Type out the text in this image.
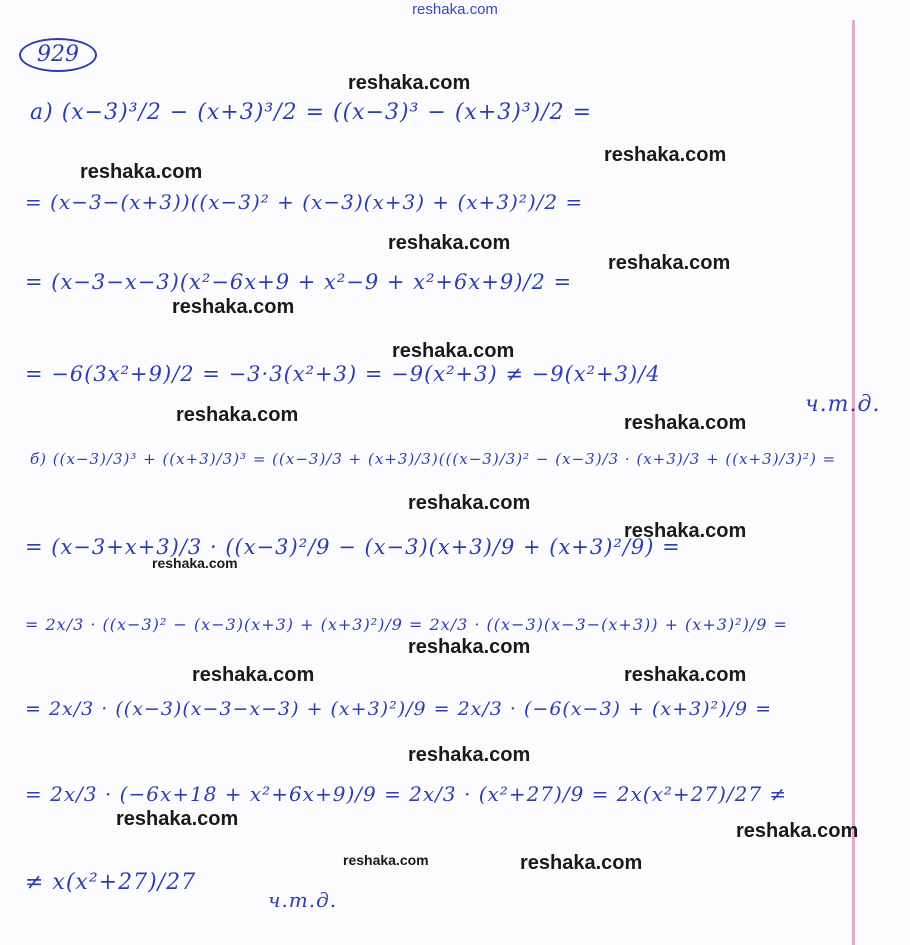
reshaka.com
929
а) (x−3)³/2 − (x+3)³/2 = ((x−3)³ − (x+3)³)/2 =
= (x−3−(x+3))((x−3)² + (x−3)(x+3) + (x+3)²)/2 =
= (x−3−x−3)(x²−6x+9 + x²−9 + x²+6x+9)/2 =
= −6(3x²+9)/2 = −3·3(x²+3) = −9(x²+3) ≠ −9(x²+3)/4
ч.т.д.
б) ((x−3)/3)³ + ((x+3)/3)³ = ((x−3)/3 + (x+3)/3)(((x−3)/3)² − (x−3)/3 · (x+3)/3 + ((x+3)/3)²) =
= (x−3+x+3)/3 · ((x−3)²/9 − (x−3)(x+3)/9 + (x+3)²/9) =
= 2x/3 · ((x−3)² − (x−3)(x+3) + (x+3)²)/9 = 2x/3 · ((x−3)(x−3−(x+3)) + (x+3)²)/9 =
= 2x/3 · ((x−3)(x−3−x−3) + (x+3)²)/9 = 2x/3 · (−6(x−3) + (x+3)²)/9 =
= 2x/3 · (−6x+18 + x²+6x+9)/9 = 2x/3 · (x²+27)/9 = 2x(x²+27)/27 ≠
≠ x(x²+27)/27
ч.т.д.
reshaka.com
reshaka.com
reshaka.com
reshaka.com
reshaka.com
reshaka.com
reshaka.com
reshaka.com	reshaka.com
reshaka.com
reshaka.com
reshaka.com
reshaka.com
reshaka.com	reshaka.com
reshaka.com
reshaka.com
reshaka.com
reshaka.com	reshaka.com
